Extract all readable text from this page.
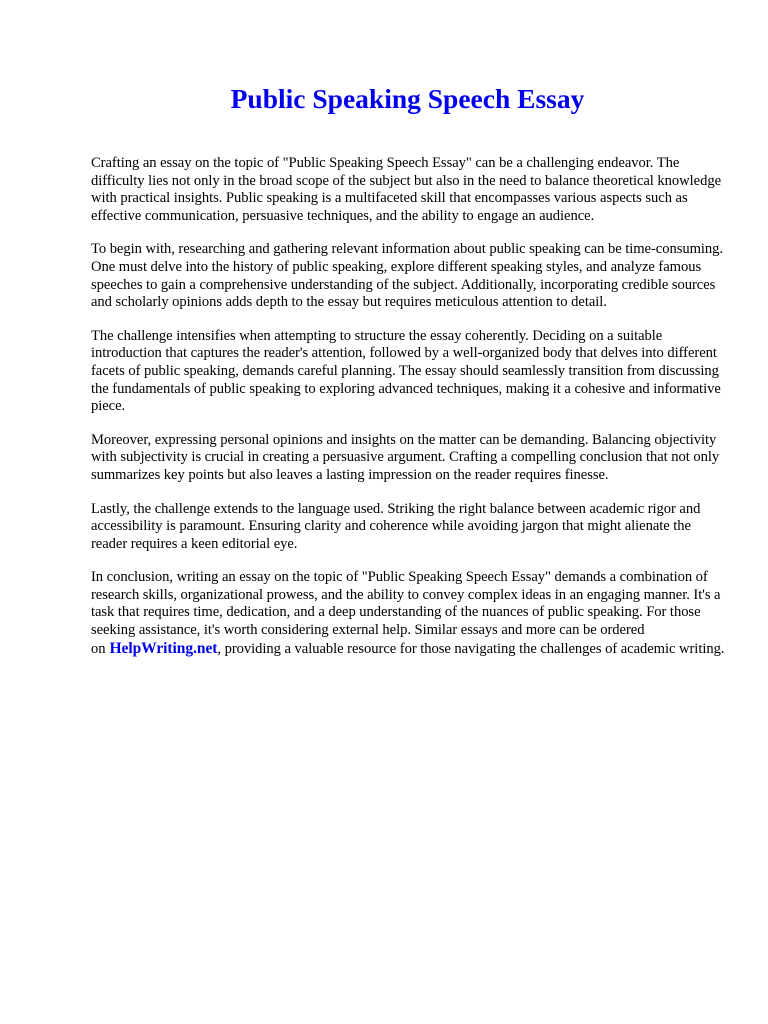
Public Speaking Speech Essay

Crafting an essay on the topic of "Public Speaking Speech Essay" can be a challenging endeavor. The difficulty lies not only in the broad scope of the subject but also in the need to balance theoretical knowledge with practical insights. Public speaking is a multifaceted skill that encompasses various aspects such as effective communication, persuasive techniques, and the ability to engage an audience.

To begin with, researching and gathering relevant information about public speaking can be time-consuming. One must delve into the history of public speaking, explore different speaking styles, and analyze famous speeches to gain a comprehensive understanding of the subject. Additionally, incorporating credible sources and scholarly opinions adds depth to the essay but requires meticulous attention to detail.

The challenge intensifies when attempting to structure the essay coherently. Deciding on a suitable introduction that captures the reader's attention, followed by a well-organized body that delves into different facets of public speaking, demands careful planning. The essay should seamlessly transition from discussing the fundamentals of public speaking to exploring advanced techniques, making it a cohesive and informative piece.

Moreover, expressing personal opinions and insights on the matter can be demanding. Balancing objectivity with subjectivity is crucial in creating a persuasive argument. Crafting a compelling conclusion that not only summarizes key points but also leaves a lasting impression on the reader requires finesse.

Lastly, the challenge extends to the language used. Striking the right balance between academic rigor and accessibility is paramount. Ensuring clarity and coherence while avoiding jargon that might alienate the reader requires a keen editorial eye.

In conclusion, writing an essay on the topic of "Public Speaking Speech Essay" demands a combination of research skills, organizational prowess, and the ability to convey complex ideas in an engaging manner. It's a task that requires time, dedication, and a deep understanding of the nuances of public speaking. For those seeking assistance, it's worth considering external help. Similar essays and more can be ordered on HelpWriting.net, providing a valuable resource for those navigating the challenges of academic writing.
